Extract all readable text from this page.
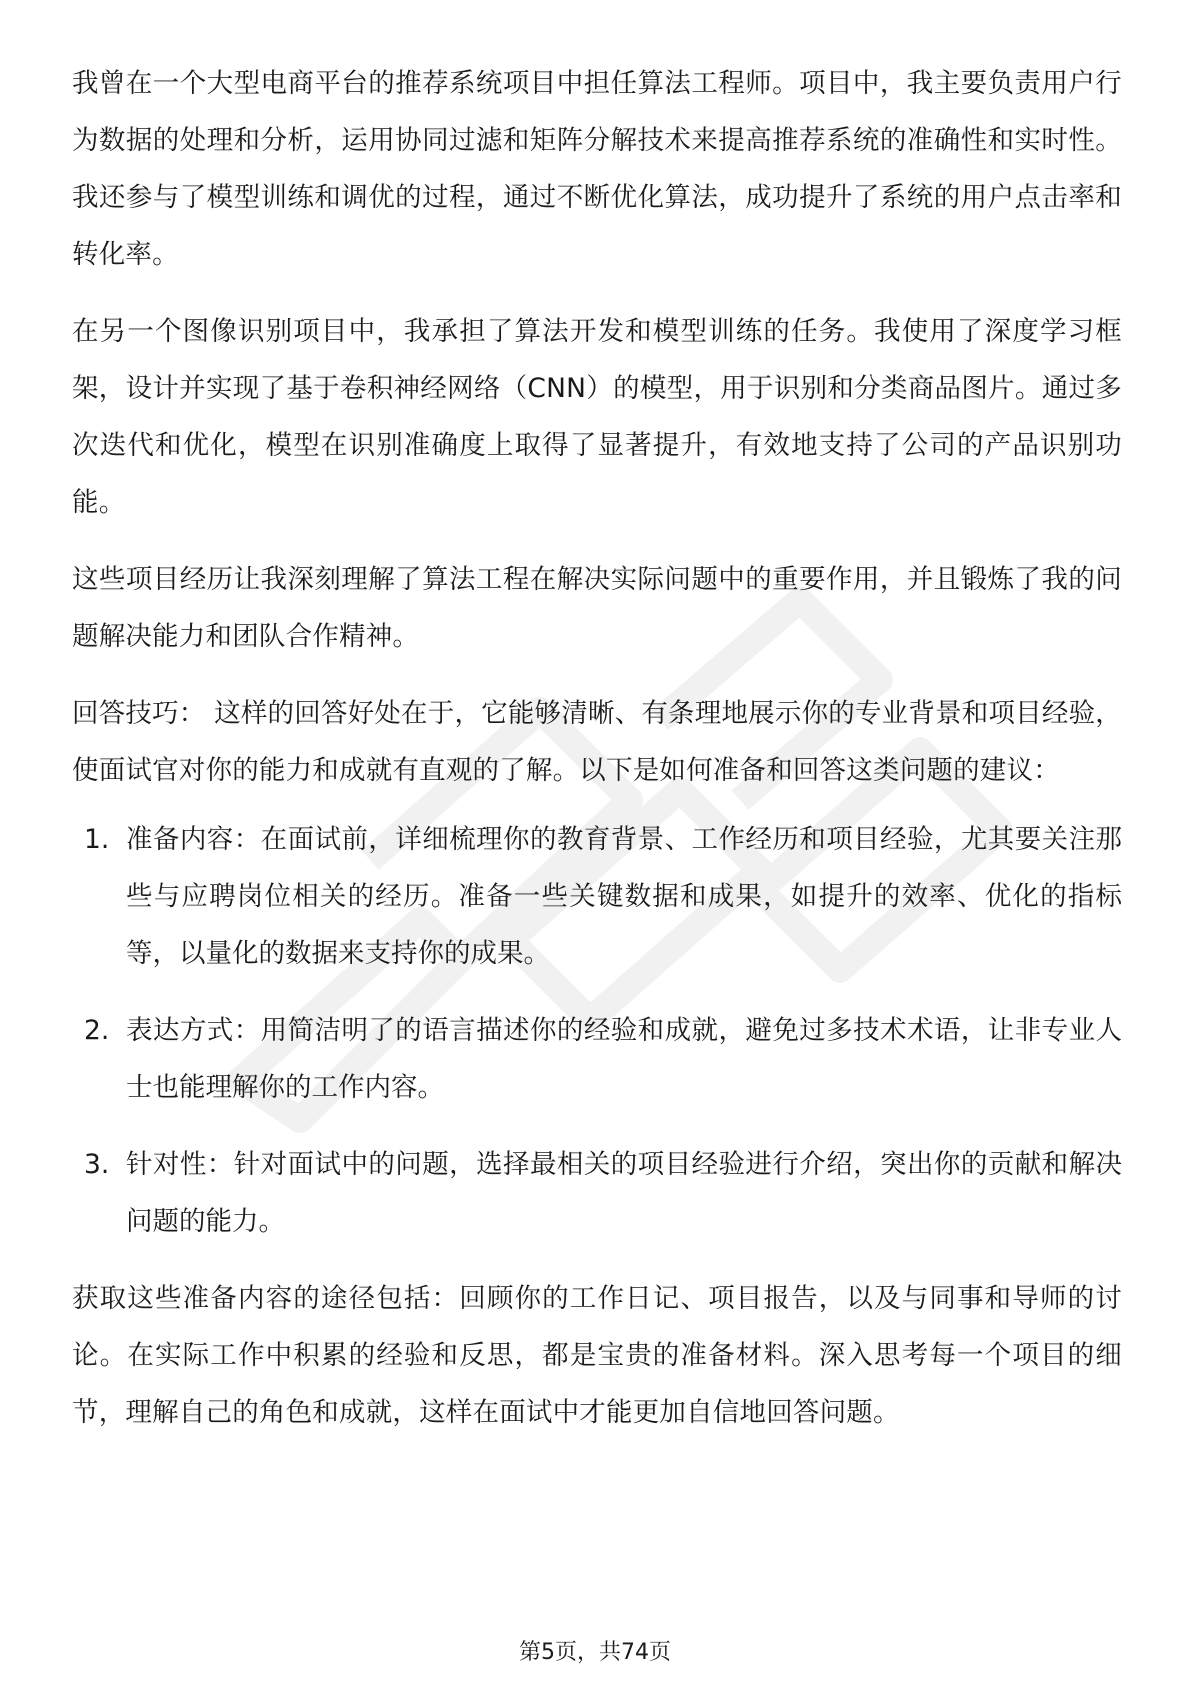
我曾在一个大型电商平台的推荐系统项目中担任算法工程师。项目中，我主要负责用户行为数据的处理和分析，运用协同过滤和矩阵分解技术来提高推荐系统的准确性和实时性。我还参与了模型训练和调优的过程，通过不断优化算法，成功提升了系统的用户点击率和转化率。

在另一个图像识别项目中，我承担了算法开发和模型训练的任务。我使用了深度学习框架，设计并实现了基于卷积神经网络（CNN）的模型，用于识别和分类商品图片。通过多次迭代和优化，模型在识别准确度上取得了显著提升，有效地支持了公司的产品识别功能。

这些项目经历让我深刻理解了算法工程在解决实际问题中的重要作用，并且锻炼了我的问题解决能力和团队合作精神。

回答技巧： 这样的回答好处在于，它能够清晰、有条理地展示你的专业背景和项目经验，使面试官对你的能力和成就有直观的了解。以下是如何准备和回答这类问题的建议：

1. 准备内容：在面试前，详细梳理你的教育背景、工作经历和项目经验，尤其要关注那些与应聘岗位相关的经历。准备一些关键数据和成果，如提升的效率、优化的指标等，以量化的数据来支持你的成果。
2. 表达方式：用简洁明了的语言描述你的经验和成就，避免过多技术术语，让非专业人士也能理解你的工作内容。
3. 针对性：针对面试中的问题，选择最相关的项目经验进行介绍，突出你的贡献和解决问题的能力。

获取这些准备内容的途径包括：回顾你的工作日记、项目报告，以及与同事和导师的讨论。在实际工作中积累的经验和反思，都是宝贵的准备材料。深入思考每一个项目的细节，理解自己的角色和成就，这样在面试中才能更加自信地回答问题。

第5页，共74页
